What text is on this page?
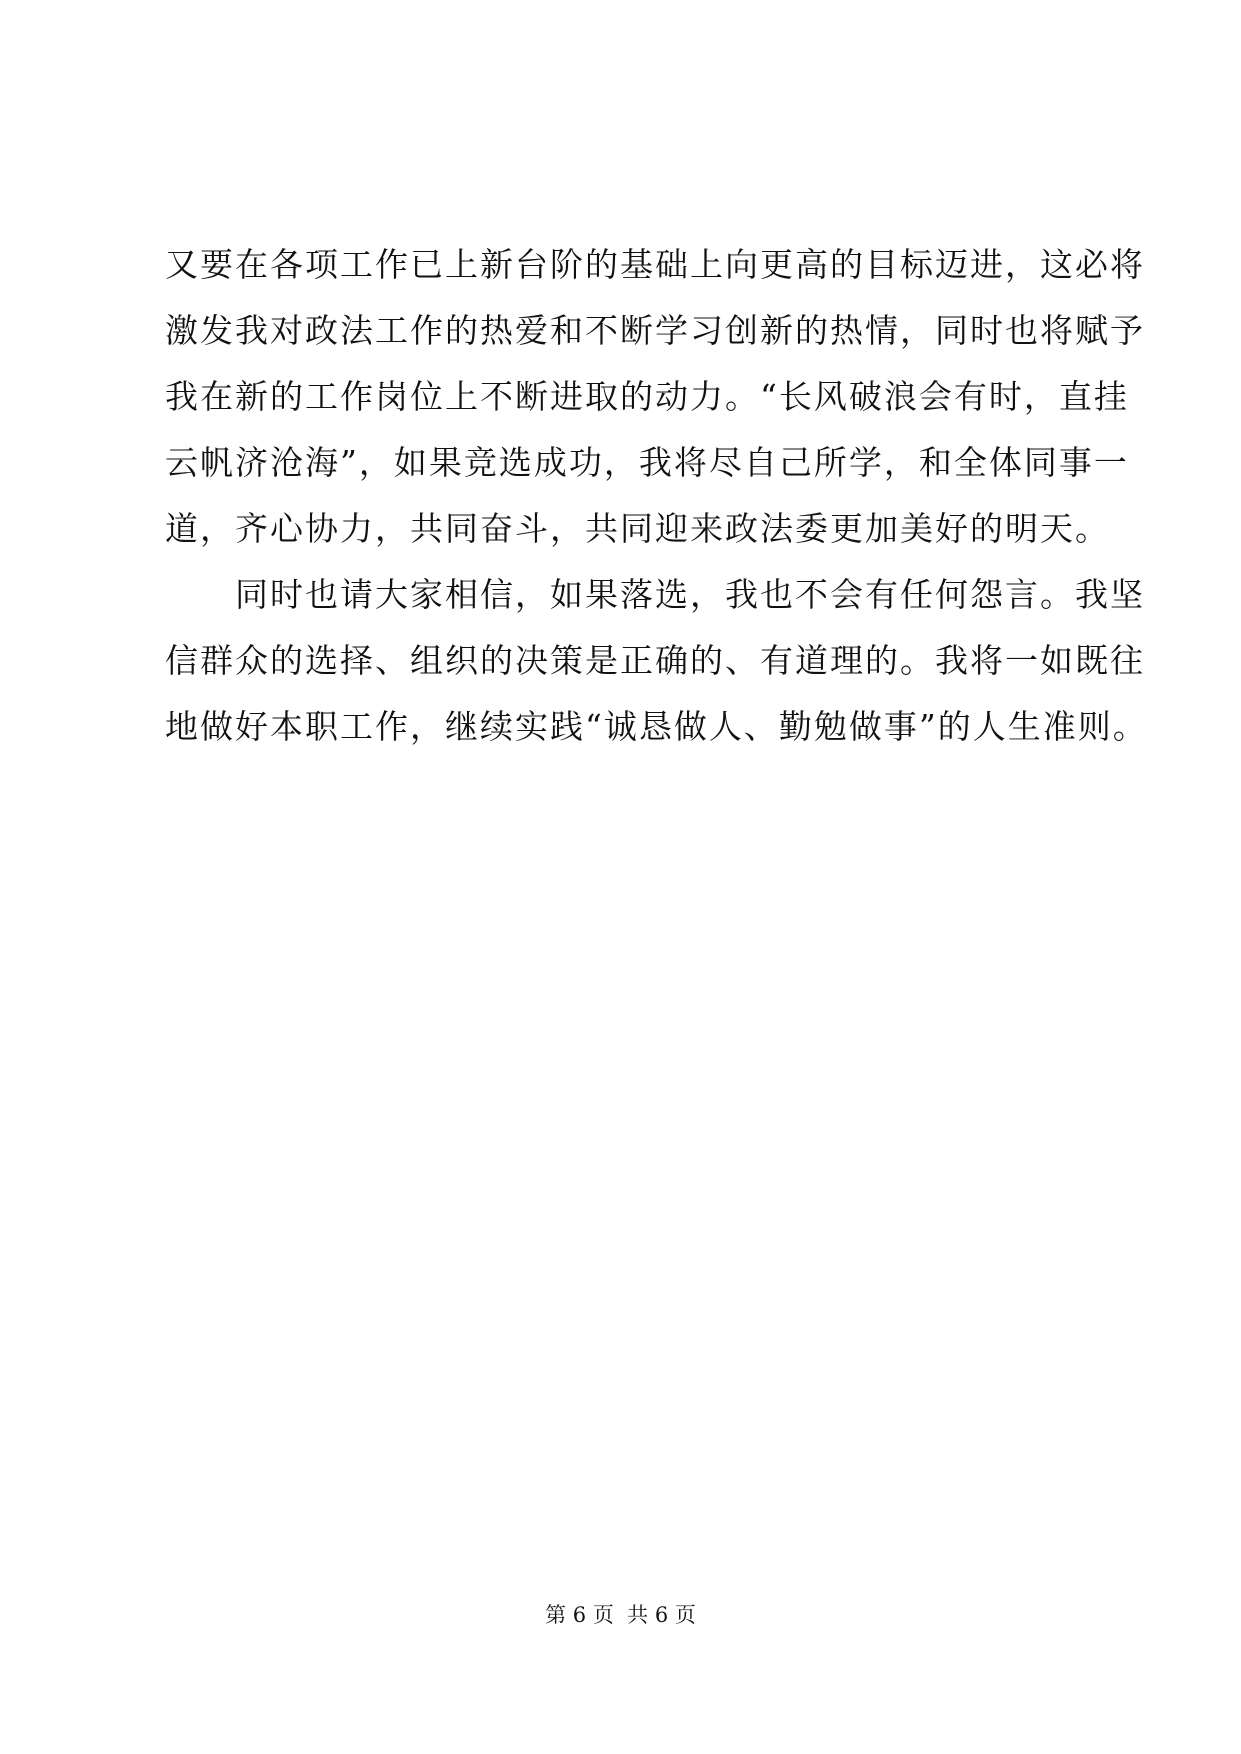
又要在各项工作已上新台阶的基础上向更高的目标迈进，这必将
激发我对政法工作的热爱和不断学习创新的热情，同时也将赋予
我在新的工作岗位上不断进取的动力。“长风破浪会有时，直挂
云帆济沧海”，如果竞选成功，我将尽自己所学，和全体同事一
道，齐心协力，共同奋斗，共同迎来政法委更加美好的明天。
　　同时也请大家相信，如果落选，我也不会有任何怨言。我坚
信群众的选择、组织的决策是正确的、有道理的。我将一如既往
地做好本职工作，继续实践“诚恳做人、勤勉做事”的人生准则。
第 6 页  共 6 页
